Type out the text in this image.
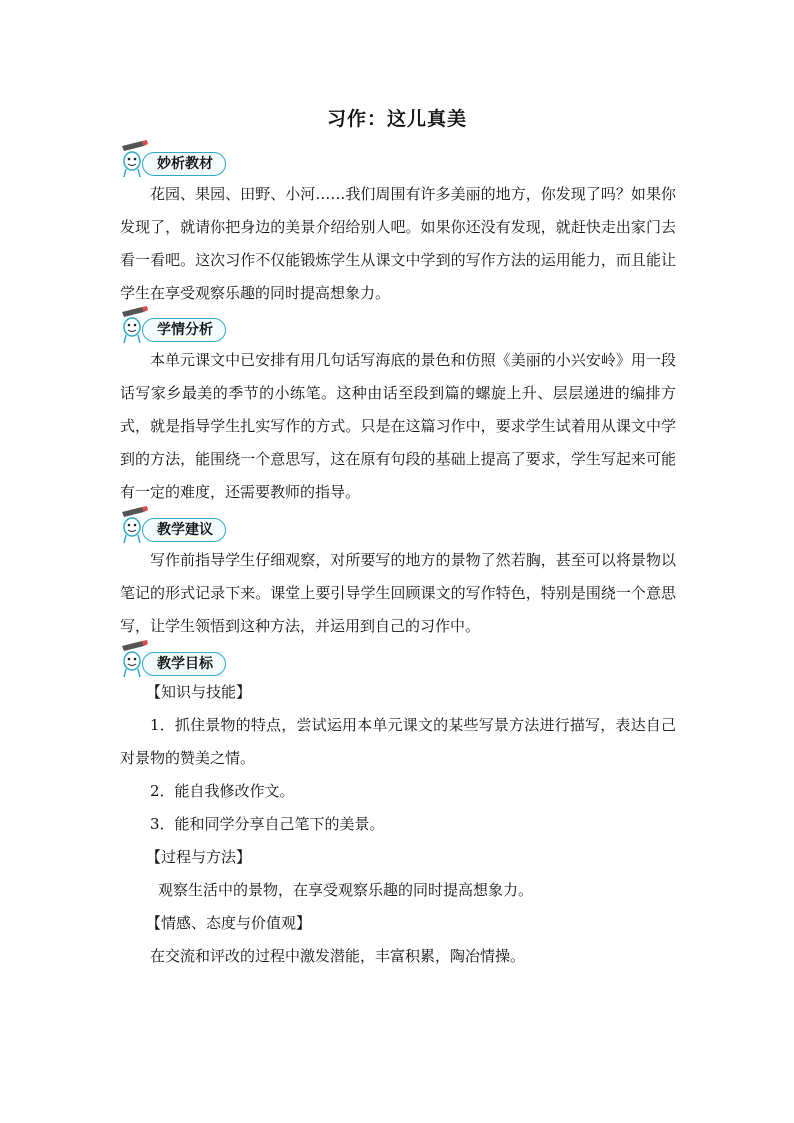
习作：这儿真美
妙析教材

花园、果园、田野、小河……我们周围有许多美丽的地方，你发现了吗？如果你发现了，就请你把身边的美景介绍给别人吧。如果你还没有发现，就赶快走出家门去看一看吧。这次习作不仅能锻炼学生从课文中学到的写作方法的运用能力，而且能让学生在享受观察乐趣的同时提高想象力。

学情分析

本单元课文中已安排有用几句话写海底的景色和仿照《美丽的小兴安岭》用一段话写家乡最美的季节的小练笔。这种由话至段到篇的螺旋上升、层层递进的编排方式，就是指导学生扎实写作的方式。只是在这篇习作中，要求学生试着用从课文中学到的方法，能围绕一个意思写，这在原有句段的基础上提高了要求，学生写起来可能有一定的难度，还需要教师的指导。

教学建议

写作前指导学生仔细观察，对所要写的地方的景物了然若胸，甚至可以将景物以笔记的形式记录下来。课堂上要引导学生回顾课文的写作特色，特别是围绕一个意思写，让学生领悟到这种方法，并运用到自己的习作中。

教学目标

【知识与技能】

1．抓住景物的特点，尝试运用本单元课文的某些写景方法进行描写，表达自己对景物的赞美之情。

2．能自我修改作文。

3．能和同学分享自己笔下的美景。

【过程与方法】

观察生活中的景物，在享受观察乐趣的同时提高想象力。

【情感、态度与价值观】

在交流和评改的过程中激发潜能，丰富积累，陶冶情操。
